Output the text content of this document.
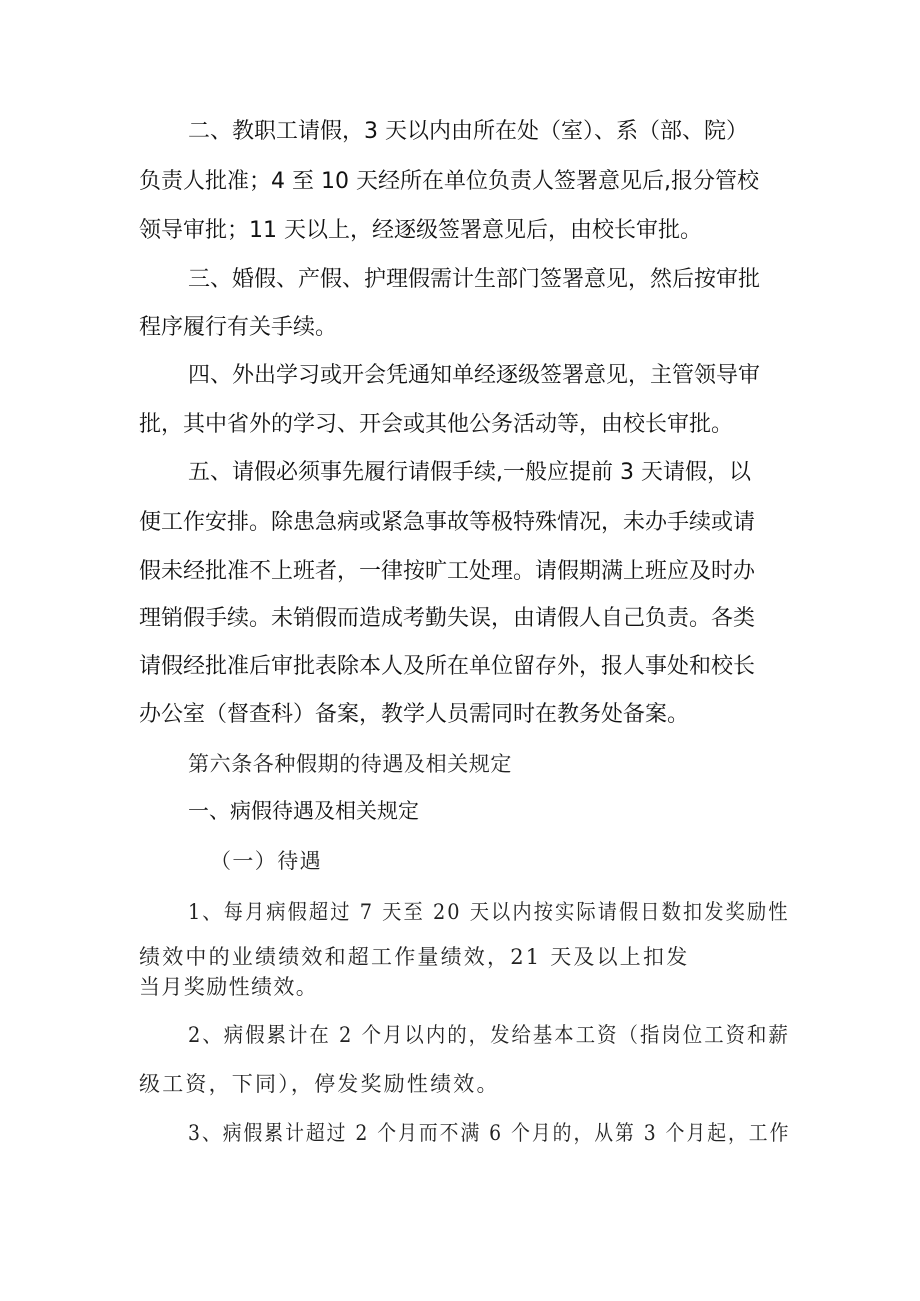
二、教职工请假，3 天以内由所在处（室）、系（部、院）
负责人批准；4 至 10 天经所在单位负责人签署意见后,报分管校
领导审批；11 天以上，经逐级签署意见后，由校长审批。
三、婚假、产假、护理假需计生部门签署意见，然后按审批
程序履行有关手续。
四、外出学习或开会凭通知单经逐级签署意见，主管领导审
批，其中省外的学习、开会或其他公务活动等，由校长审批。
五、请假必须事先履行请假手续,一般应提前 3 天请假，以
便工作安排。除患急病或紧急事故等极特殊情况，未办手续或请
假未经批准不上班者，一律按旷工处理。请假期满上班应及时办
理销假手续。未销假而造成考勤失误，由请假人自己负责。各类
请假经批准后审批表除本人及所在单位留存外，报人事处和校长
办公室（督查科）备案，教学人员需同时在教务处备案。
第六条各种假期的待遇及相关规定
一、病假待遇及相关规定
（一）待遇
1、每月病假超过 7 天至 20 天以内按实际请假日数扣发奖励性
绩效中的业绩绩效和超工作量绩效，21 天及以上扣发
当月奖励性绩效。
2、病假累计在 2 个月以内的，发给基本工资（指岗位工资和薪
级工资，下同），停发奖励性绩效。
3、病假累计超过 2 个月而不满 6 个月的，从第 3 个月起，工作
